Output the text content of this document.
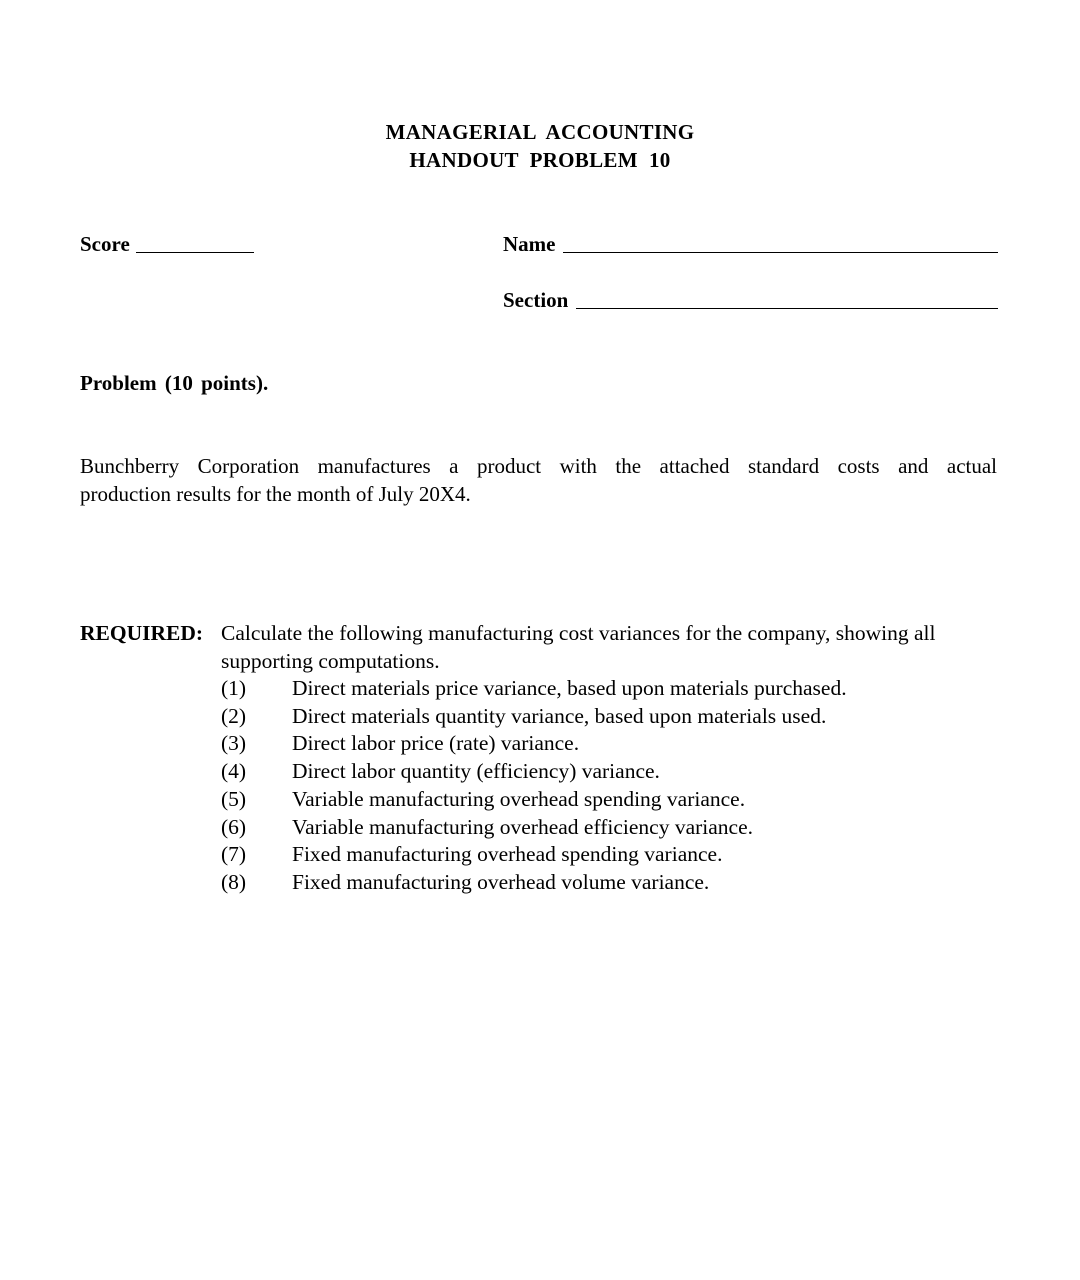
MANAGERIAL  ACCOUNTING
HANDOUT  PROBLEM  10
Score	Name
Section
Problem (10 points).
Bunchberry Corporation manufactures a product with the attached standard costs and actual
production results for the month of July 20X4.
REQUIRED: Calculate the following manufacturing cost variances for the company, showing all supporting computations.
(1)	Direct materials price variance, based upon materials purchased.
(2)	Direct materials quantity variance, based upon materials used.
(3)	Direct labor price (rate) variance.
(4)	Direct labor quantity (efficiency) variance.
(5)	Variable manufacturing overhead spending variance.
(6)	Variable manufacturing overhead efficiency variance.
(7)	Fixed manufacturing overhead spending variance.
(8)	Fixed manufacturing overhead volume variance.
